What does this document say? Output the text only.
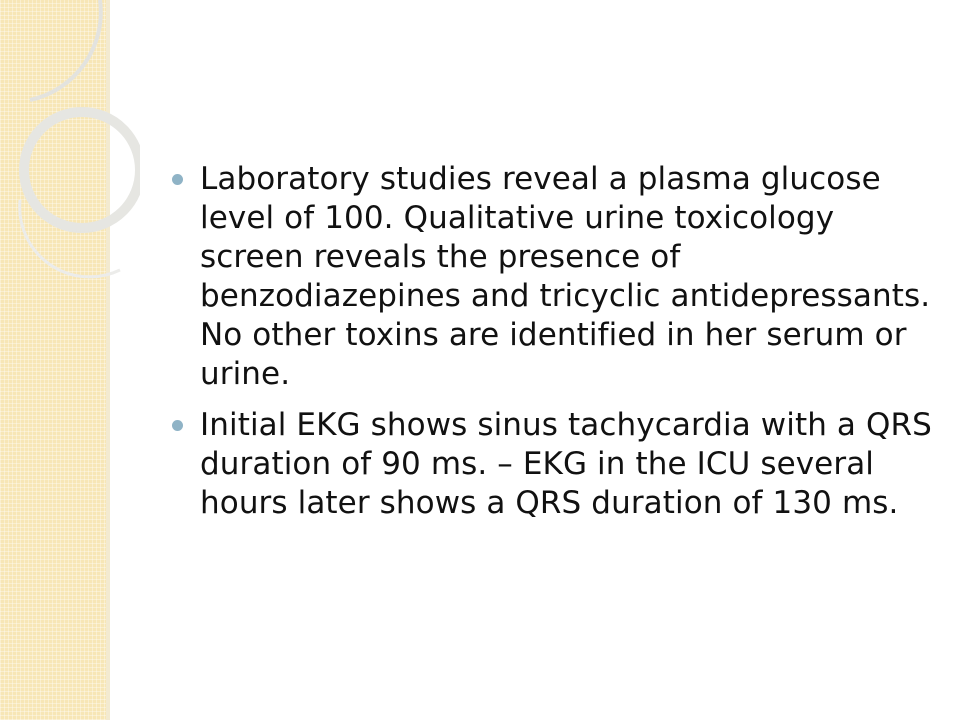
Laboratory studies reveal a plasma glucose level of 100. Qualitative urine toxicology screen reveals the presence of benzodiazepines and tricyclic antidepressants. No other toxins are identified in her serum or urine.
Initial EKG shows sinus tachycardia with a QRS duration of 90 ms. – EKG in the ICU several hours later shows a QRS duration of 130 ms.
